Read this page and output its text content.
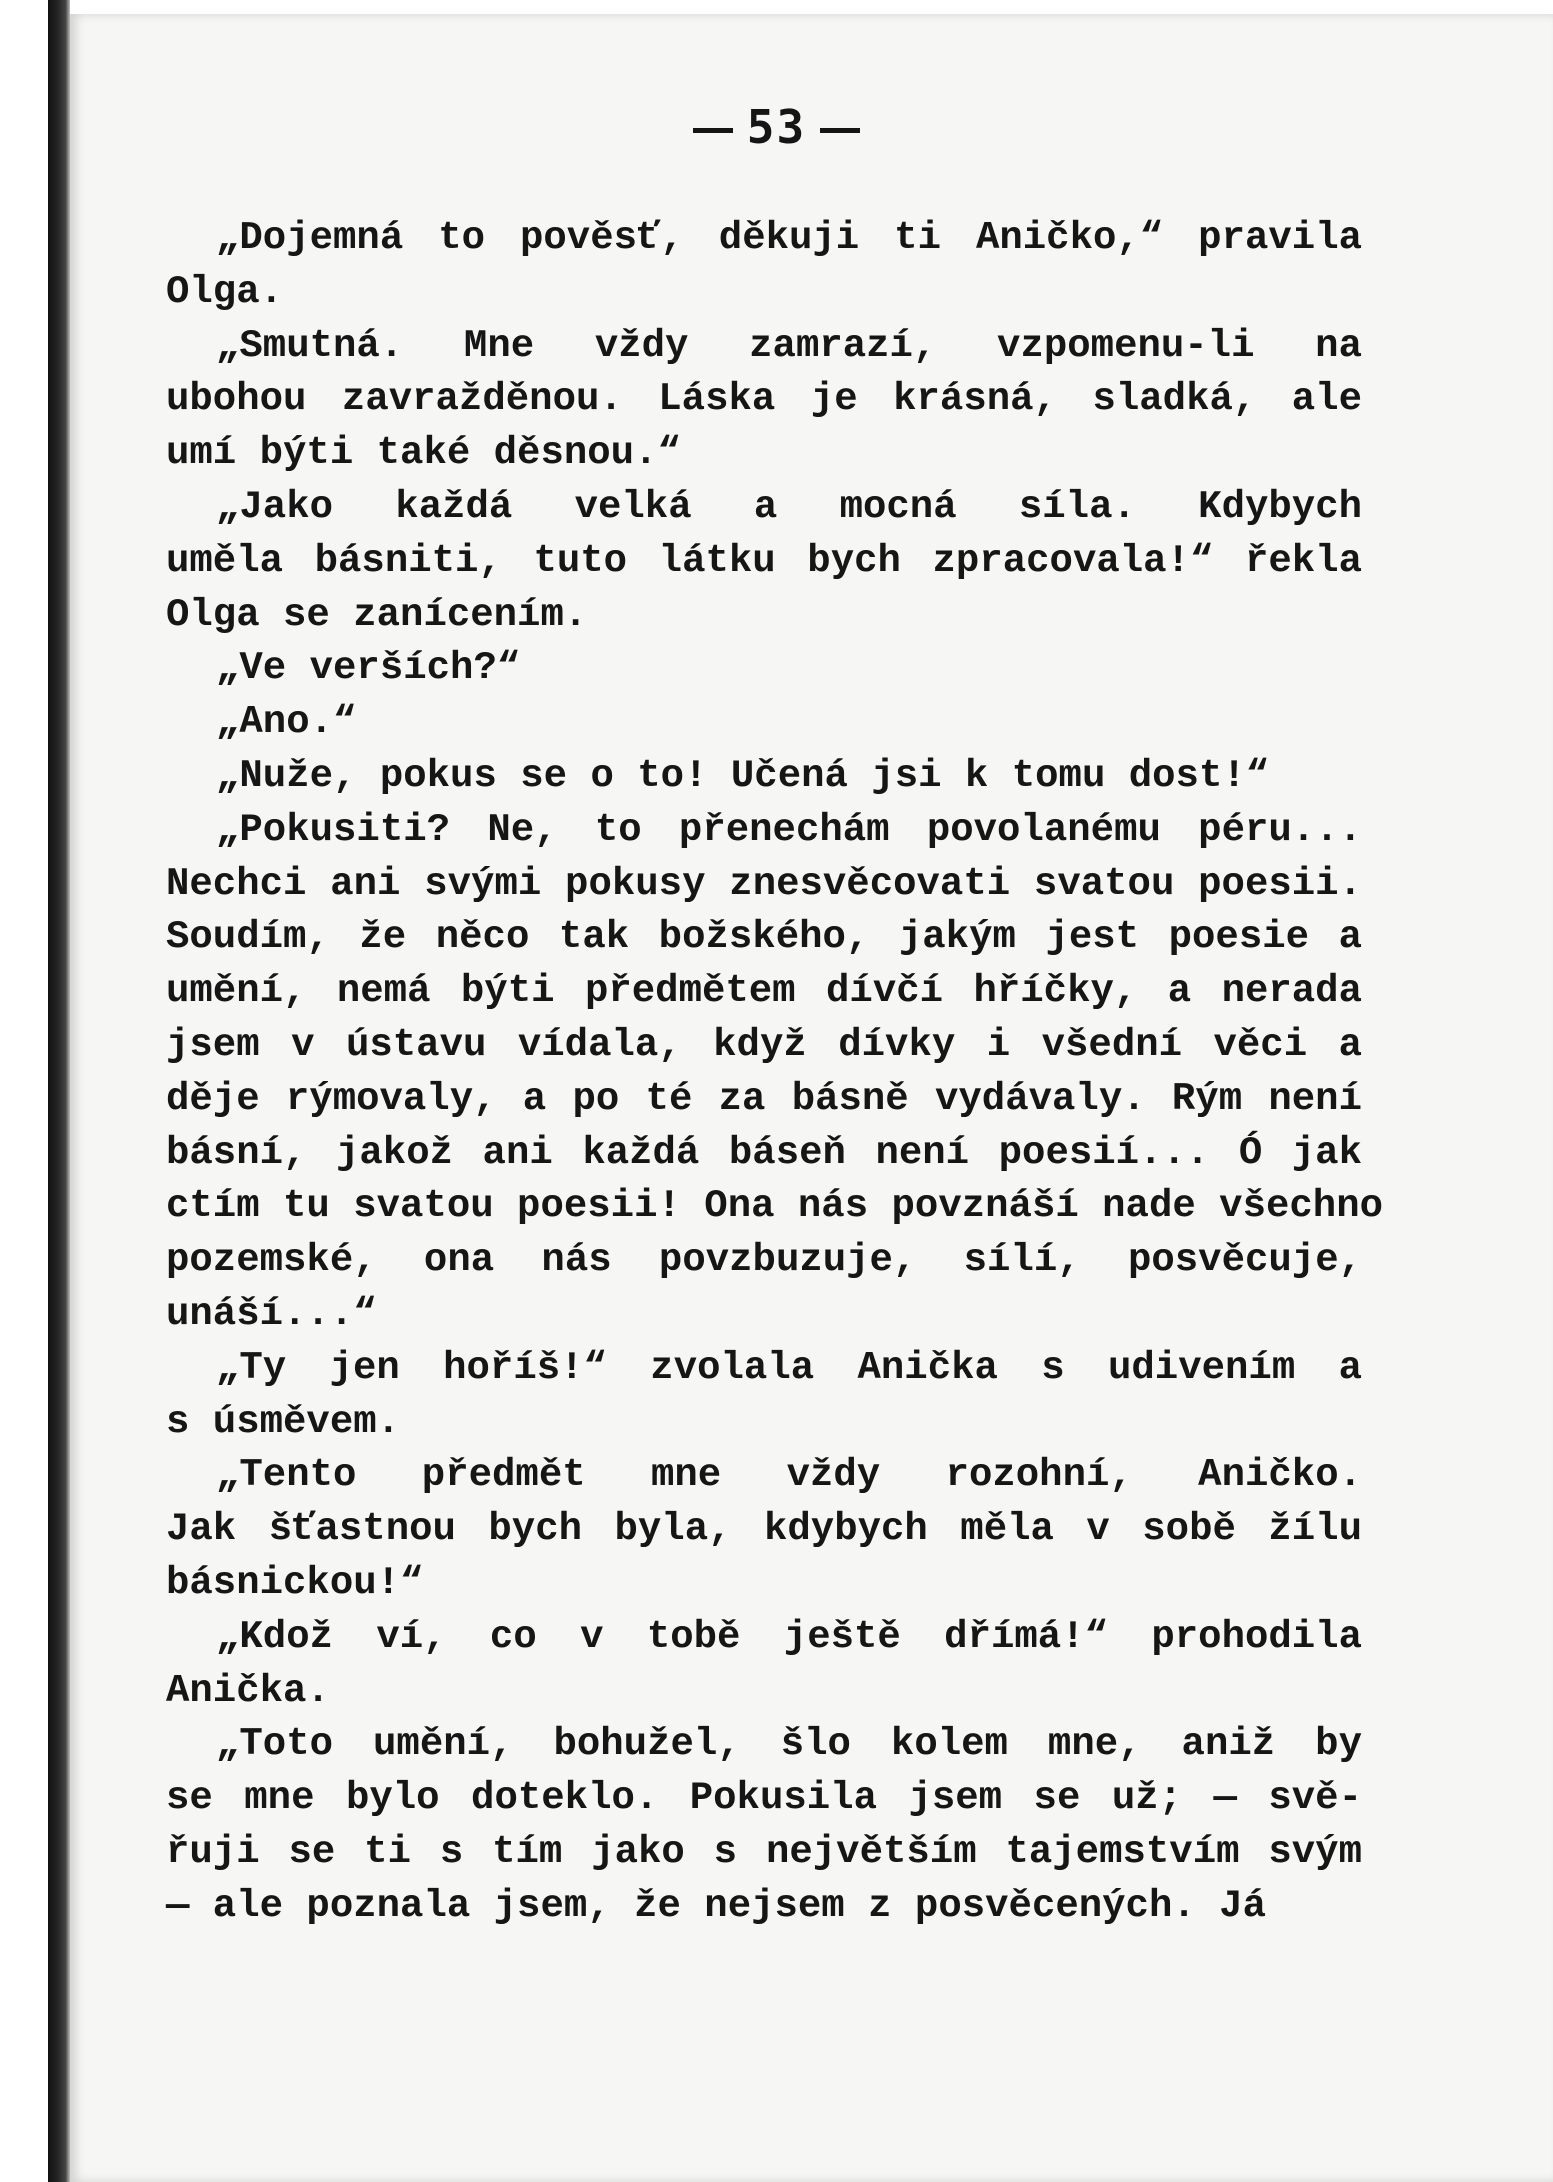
53

„Dojemná to pověsť, děkuji ti Aničko,“ pravila

Olga.

„Smutná. Mne vždy zamrazí, vzpomenu-li na

ubohou zavražděnou. Láska je krásná, sladká, ale

umí býti také děsnou.“

„Jako každá velká a mocná síla. Kdybych

uměla básniti, tuto látku bych zpracovala!“ řekla

Olga se zanícením.

„Ve verších?“

„Ano.“

„Nuže, pokus se o to! Učená jsi k tomu dost!“

„Pokusiti? Ne, to přenechám povolanému péru...

Nechci ani svými pokusy znesvěcovati svatou poesii.

Soudím, že něco tak božského, jakým jest poesie a

umění, nemá býti předmětem dívčí hříčky, a nerada

jsem v ústavu vídala, když dívky i všední věci a

děje rýmovaly, a po té za básně vydávaly. Rým není

básní, jakož ani každá báseň není poesií... Ó jak

ctím tu svatou poesii! Ona nás povznáší nade všechno

pozemské, ona nás povzbuzuje, sílí, posvěcuje,

unáší...“

„Ty jen hoříš!“ zvolala Anička s udivením a

s úsměvem.

„Tento předmět mne vždy rozohní, Aničko.

Jak šťastnou bych byla, kdybych měla v sobě žílu

básnickou!“

„Kdož ví, co v tobě ještě dřímá!“ prohodila

Anička.

„Toto umění, bohužel, šlo kolem mne, aniž by

se mne bylo doteklo. Pokusila jsem se už; — svě-

řuji se ti s tím jako s největším tajemstvím svým

— ale poznala jsem, že nejsem z posvěcených. Já
